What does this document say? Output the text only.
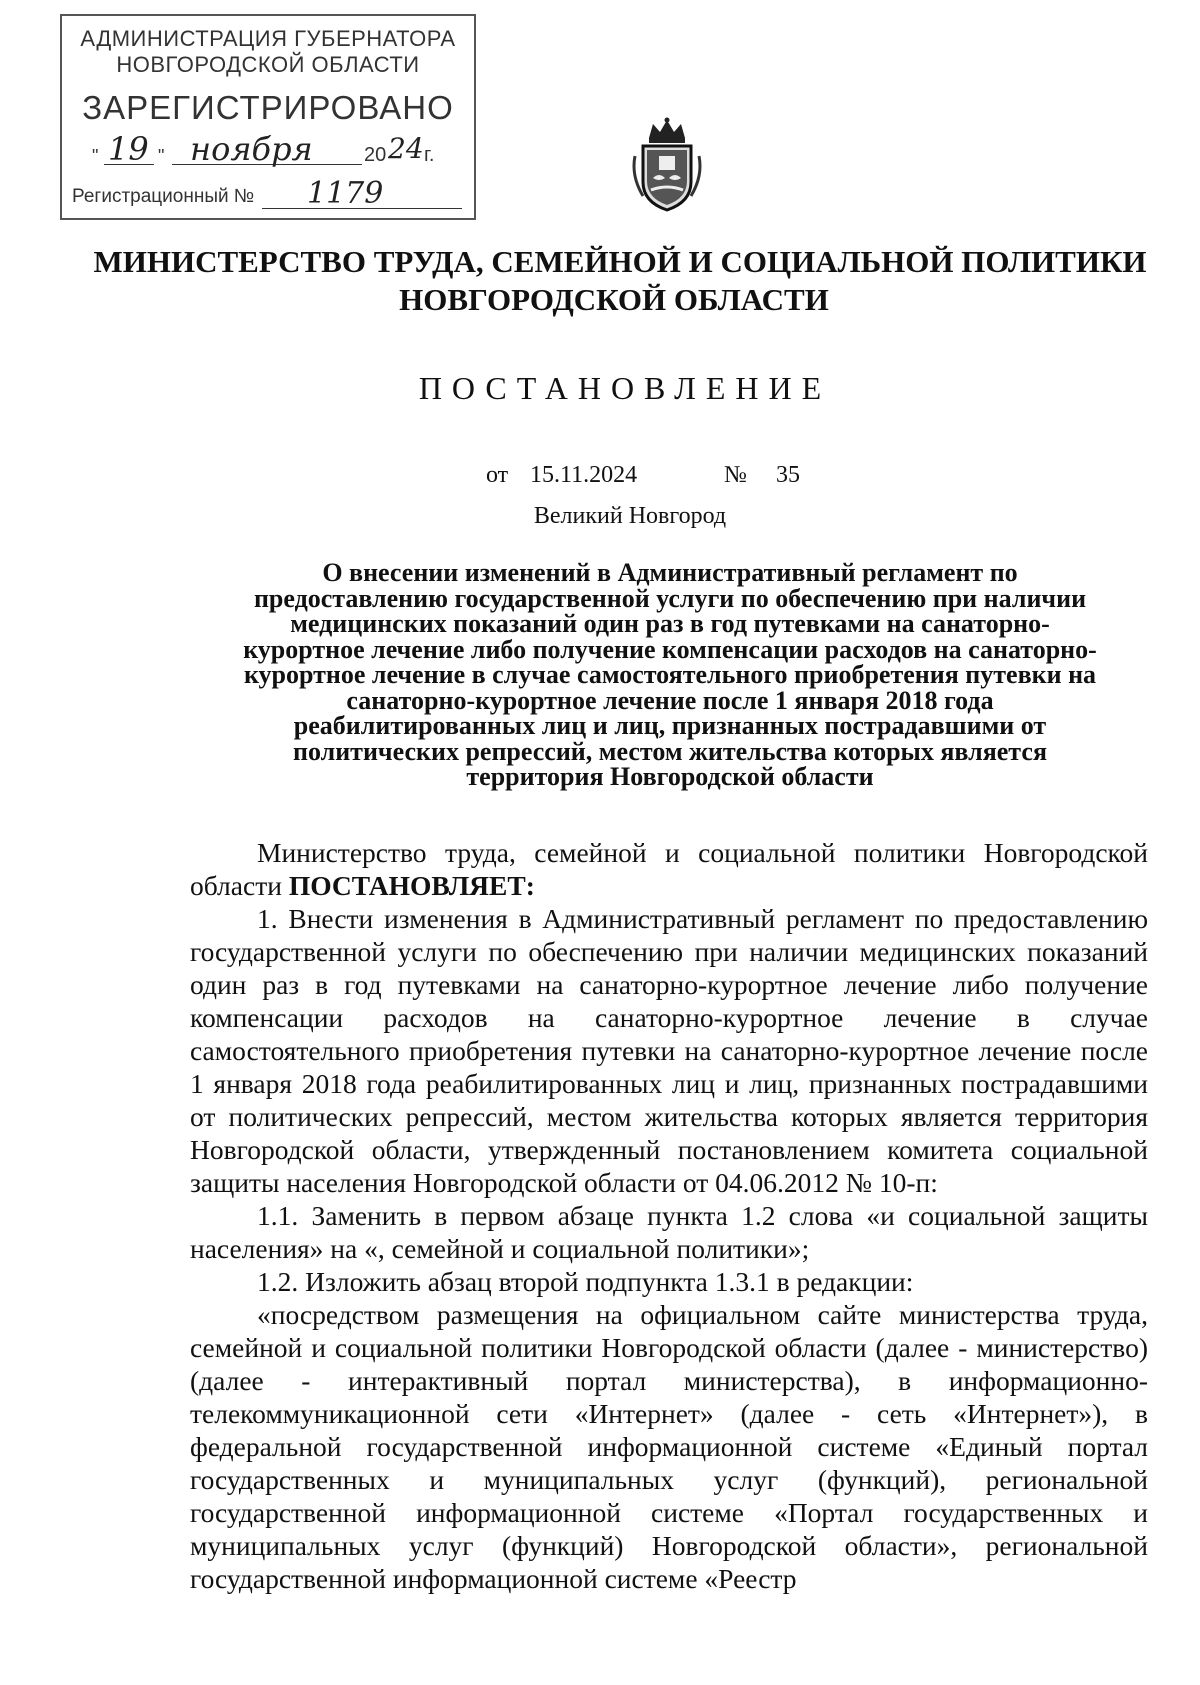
АДМИНИСТРАЦИЯ ГУБЕРНАТОРА
НОВГОРОДСКОЙ ОБЛАСТИ
ЗАРЕГИСТРИРОВАНО
" 19 " ноября	20 24 г.
Регистрационный № 1179
МИНИСТЕРСТВО ТРУДА, СЕМЕЙНОЙ И СОЦИАЛЬНОЙ ПОЛИТИКИ
НОВГОРОДСКОЙ ОБЛАСТИ
ПОСТАНОВЛЕНИЕ
от 15.11.2024	№ 35
Великий Новгород
О внесении изменений в Административный регламент по
предоставлению государственной услуги по обеспечению при наличии
медицинских показаний один раз в год путевками на санаторно-
курортное лечение либо получение компенсации расходов на санаторно-
курортное лечение в случае самостоятельного приобретения путевки на
санаторно-курортное лечение после 1 января 2018 года
реабилитированных лиц и лиц, признанных пострадавшими от
политических репрессий, местом жительства которых является
территория Новгородской области

Министерство труда, семейной и социальной политики Новгородской области ПОСТАНОВЛЯЕТ:

1. Внести изменения в Административный регламент по предоставлению государственной услуги по обеспечению при наличии медицинских показаний один раз в год путевками на санаторно-курортное лечение либо получение компенсации расходов на санаторно-курортное лечение в случае самостоятельного приобретения путевки на санаторно-курортное лечение после 1 января 2018 года реабилитированных лиц и лиц, признанных пострадавшими от политических репрессий, местом жительства которых является территория Новгородской области, утвержденный постановлением комитета социальной защиты населения Новгородской области от 04.06.2012 № 10-п:

1.1. Заменить в первом абзаце пункта 1.2 слова «и социальной защиты населения» на «, семейной и социальной политики»;

1.2. Изложить абзац второй подпункта 1.3.1 в редакции:

«посредством размещения на официальном сайте министерства труда, семейной и социальной политики Новгородской области (далее - министерство) (далее - интерактивный портал министерства), в информационно-телекоммуникационной сети «Интернет» (далее - сеть «Интернет»), в федеральной государственной информационной системе «Единый портал государственных и муниципальных услуг (функций), региональной государственной информационной системе «Портал государственных и муниципальных услуг (функций) Новгородской области», региональной государственной информационной системе «Реестр
